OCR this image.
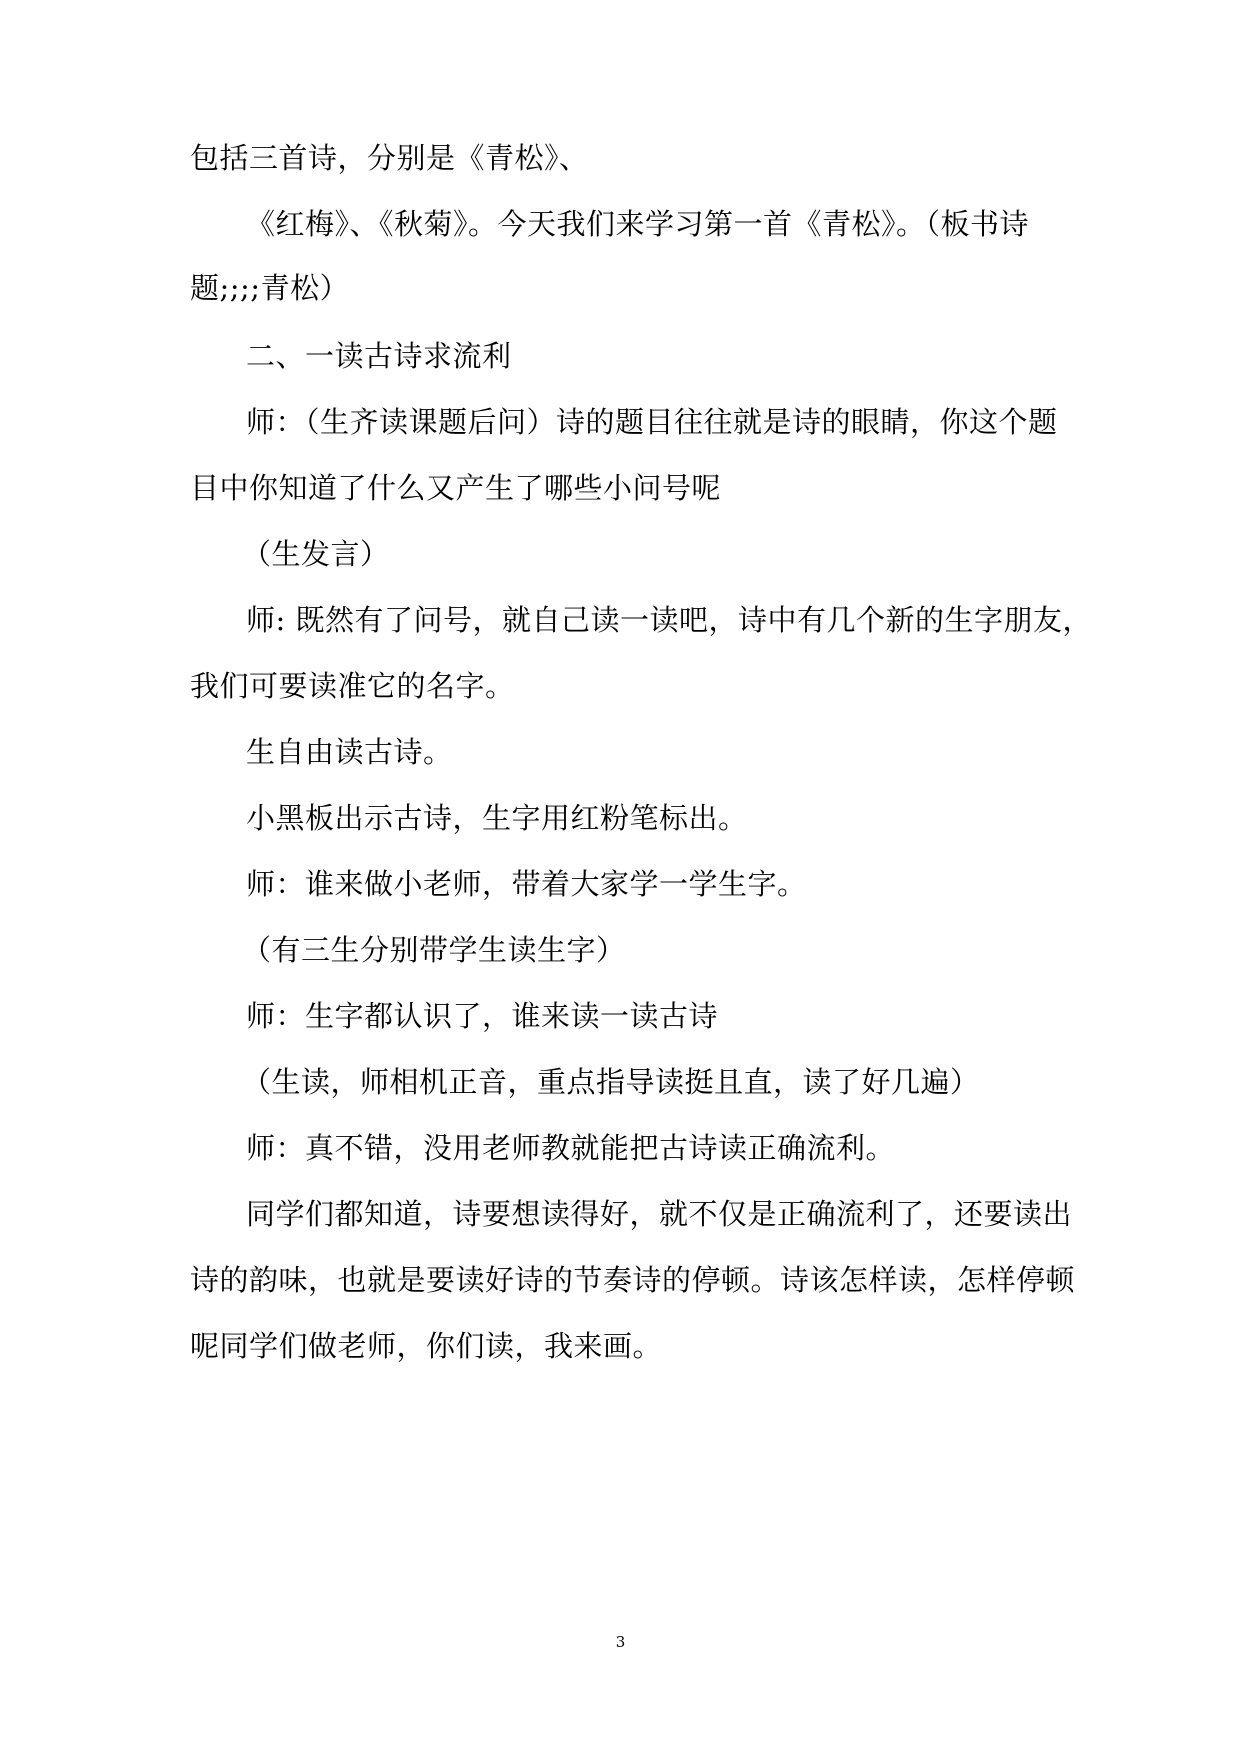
包括三首诗，分别是《青松》、
《红梅》、《秋菊》。今天我们来学习第一首《青松》。（板书诗
题;;;;青松）
二、一读古诗求流利
师：（生齐读课题后问）诗的题目往往就是诗的眼睛，你这个题
目中你知道了什么又产生了哪些小问号呢
（生发言）
师: 既然有了问号，就自己读一读吧，诗中有几个新的生字朋友，
我们可要读准它的名字。
生自由读古诗。
小黑板出示古诗，生字用红粉笔标出。
师：谁来做小老师，带着大家学一学生字。
（有三生分别带学生读生字）
师：生字都认识了，谁来读一读古诗
（生读，师相机正音，重点指导读挺且直，读了好几遍）
师：真不错，没用老师教就能把古诗读正确流利。
同学们都知道，诗要想读得好，就不仅是正确流利了，还要读出
诗的韵味，也就是要读好诗的节奏诗的停顿。诗该怎样读，怎样停顿
呢同学们做老师，你们读，我来画。
3
